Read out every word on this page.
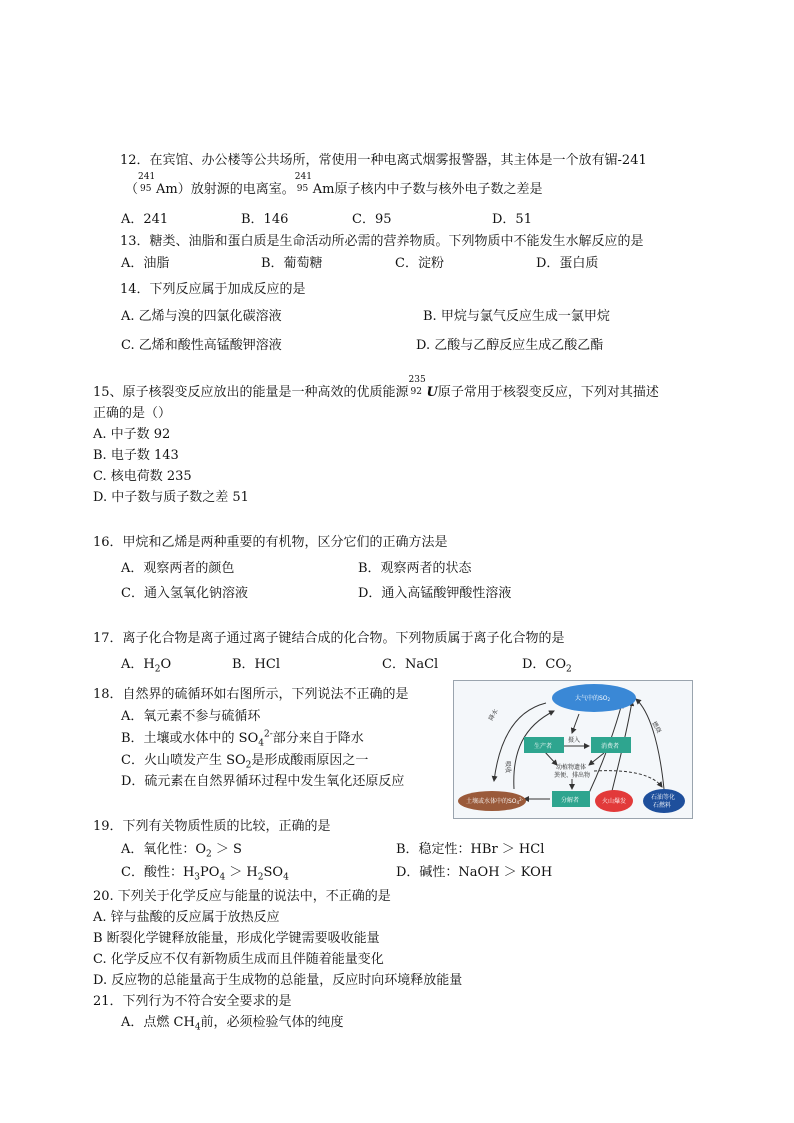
12．在宾馆、办公楼等公共场所，常使用一种电离式烟雾报警器，其主体是一个放有镅-241
（
241
95 Am）放射源的电离室。
241
95 Am原子核内中子数与核外电子数之差是
A．241	B．146	C．95	D．51
13．糖类、油脂和蛋白质是生命活动所必需的营养物质。下列物质中不能发生水解反应的是
A．油脂	B．葡萄糖	C．淀粉	D．蛋白质
14．下列反应属于加成反应的是
A. 乙烯与溴的四氯化碳溶液	B. 甲烷与氯气反应生成一氯甲烷
C. 乙烯和酸性高锰酸钾溶液	D. 乙酸与乙醇反应生成乙酸乙酯
15、原子核裂变反应放出的能量是一种高效的优质能源
235
92 U原子常用于核裂变反应，下列对其描述
正确的是（）
A. 中子数 92
B. 电子数 143
C. 核电荷数 235
D. 中子数与质子数之差 51
16．甲烷和乙烯是两种重要的有机物，区分它们的正确方法是
A．观察两者的颜色	B．观察两者的状态
C．通入氢氧化钠溶液	D．通入高锰酸钾酸性溶液
17．离子化合物是离子通过离子键结合成的化合物。下列物质属于离子化合物的是
A．$H_2O$	B．HCl	C．NaCl	D．$CO_2$
18．自然界的硫循环如右图所示，下列说法不正确的是
A．氧元素不参与硫循环
B．土壤或水体中的 $SO_4^{2-}$部分来自于降水
C．火山喷发产生 $SO_2$是形成酸雨原因之一
D．硫元素在自然界循环过程中发生氧化还原反应
大气中的SO2
生产者	消费者
摄入
动植物遗体
粪便、排出物
分解者
土壤或水体中的$SO4^{2-}$	火山爆发
石油等化
石燃料
降水
吸收
燃烧
19．下列有关物质性质的比较，正确的是
A．氧化性：$O_2 > S$	B．稳定性：HBr ＞ HCl
C．酸性：$H_3PO_4 > H_2SO_4$	D．碱性：NaOH ＞ KOH
20. 下列关于化学反应与能量的说法中，不正确的是
A. 锌与盐酸的反应属于放热反应
B 断裂化学键释放能量，形成化学键需要吸收能量
C. 化学反应不仅有新物质生成而且伴随着能量变化
D. 反应物的总能量高于生成物的总能量，反应时向环境释放能量
21．下列行为不符合安全要求的是
A．点燃 $CH_4$前，必须检验气体的纯度
